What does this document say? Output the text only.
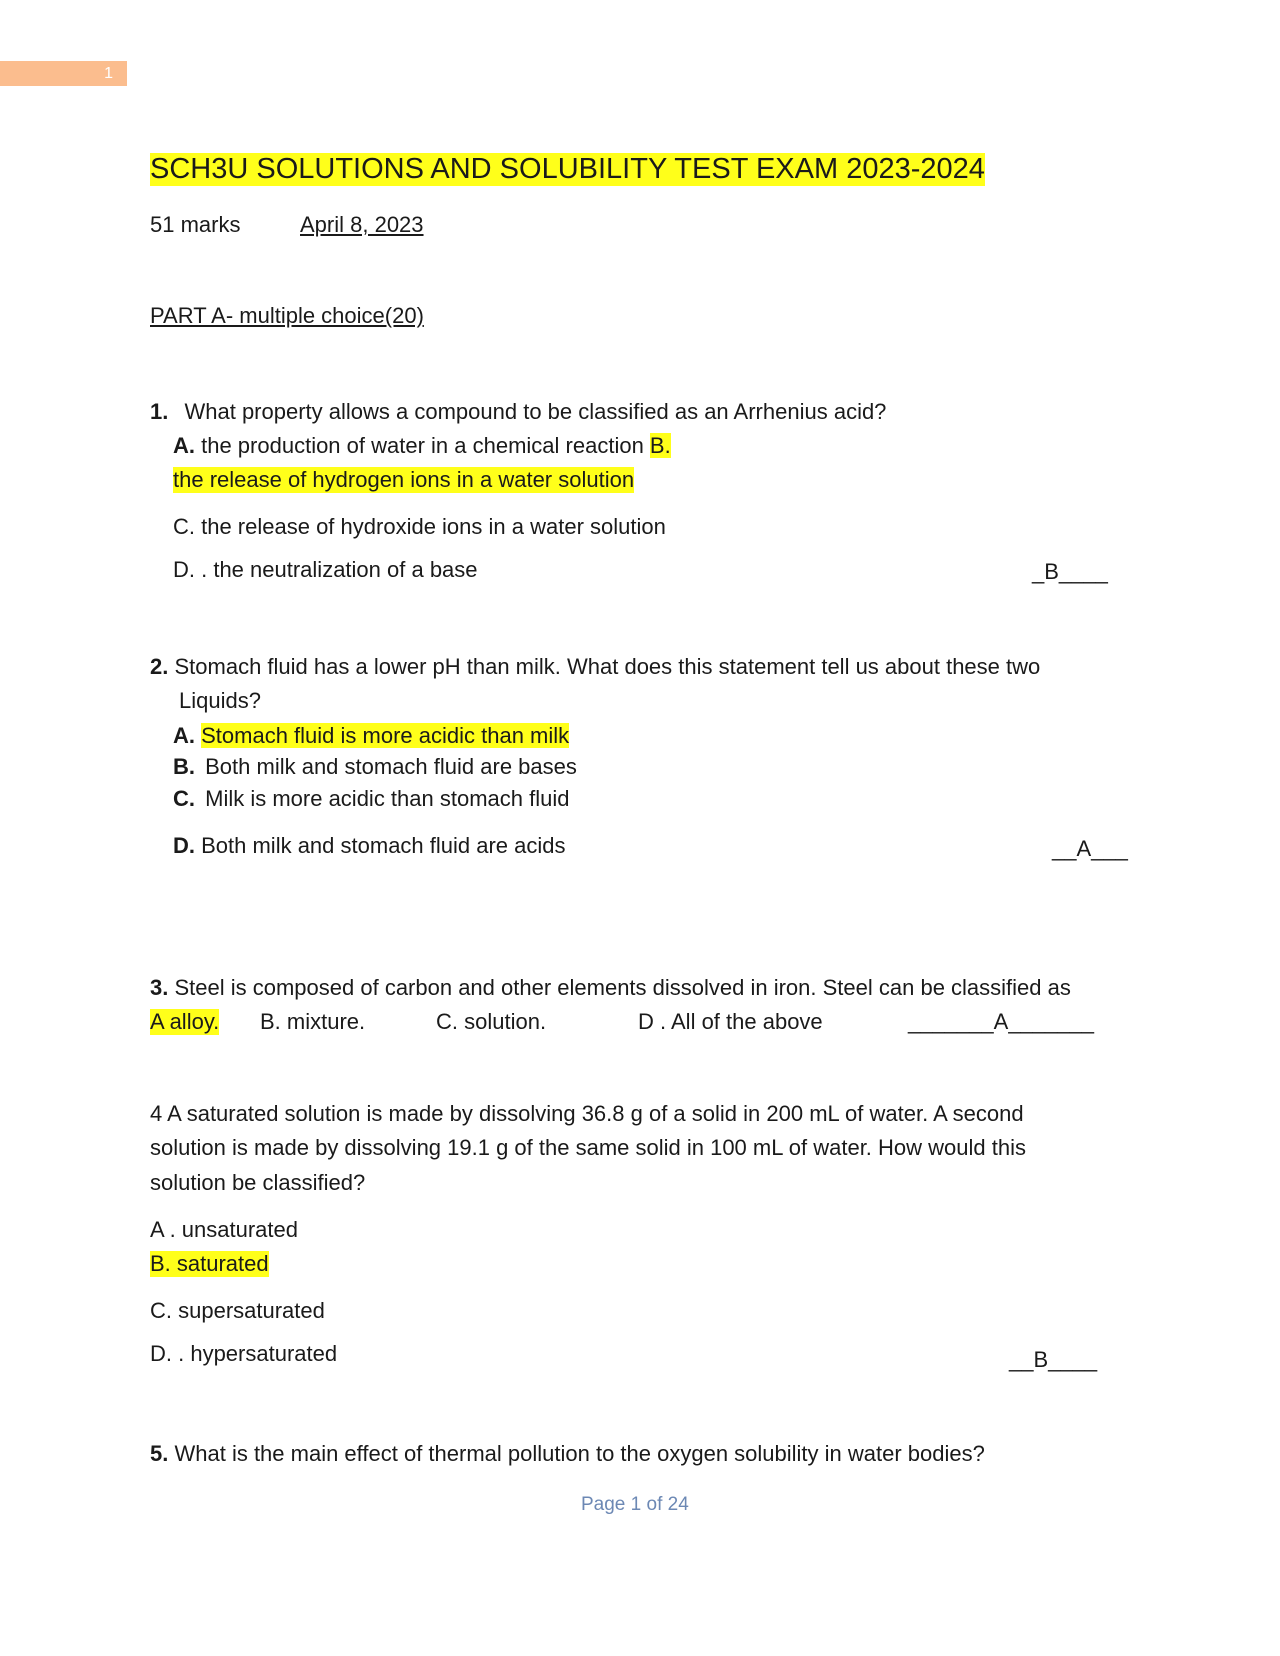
1
SCH3U SOLUTIONS AND SOLUBILITY TEST EXAM 2023-2024
51 marks	April 8, 2023
PART A- multiple choice(20)
1. What property allows a compound to be classified as an Arrhenius acid?
A. the production of water in a chemical reaction B.
the release of hydrogen ions in a water solution
C. the release of hydroxide ions in a water solution
D. . the neutralization of a base	_B____
2. Stomach fluid has a lower pH than milk. What does this statement tell us about these two
Liquids?
A. Stomach fluid is more acidic than milk
B. Both milk and stomach fluid are bases
C. Milk is more acidic than stomach fluid
D. Both milk and stomach fluid are acids	__A___
3. Steel is composed of carbon and other elements dissolved in iron. Steel can be classified as
A alloy. B. mixture.	C. solution.	D . All of the above	_______A_______
4 A saturated solution is made by dissolving 36.8 g of a solid in 200 mL of water. A second
solution is made by dissolving 19.1 g of the same solid in 100 mL of water. How would this
solution be classified?
A . unsaturated
B. saturated
C. supersaturated
D. . hypersaturated	__B____
5. What is the main effect of thermal pollution to the oxygen solubility in water bodies?
Page 1 of 24
